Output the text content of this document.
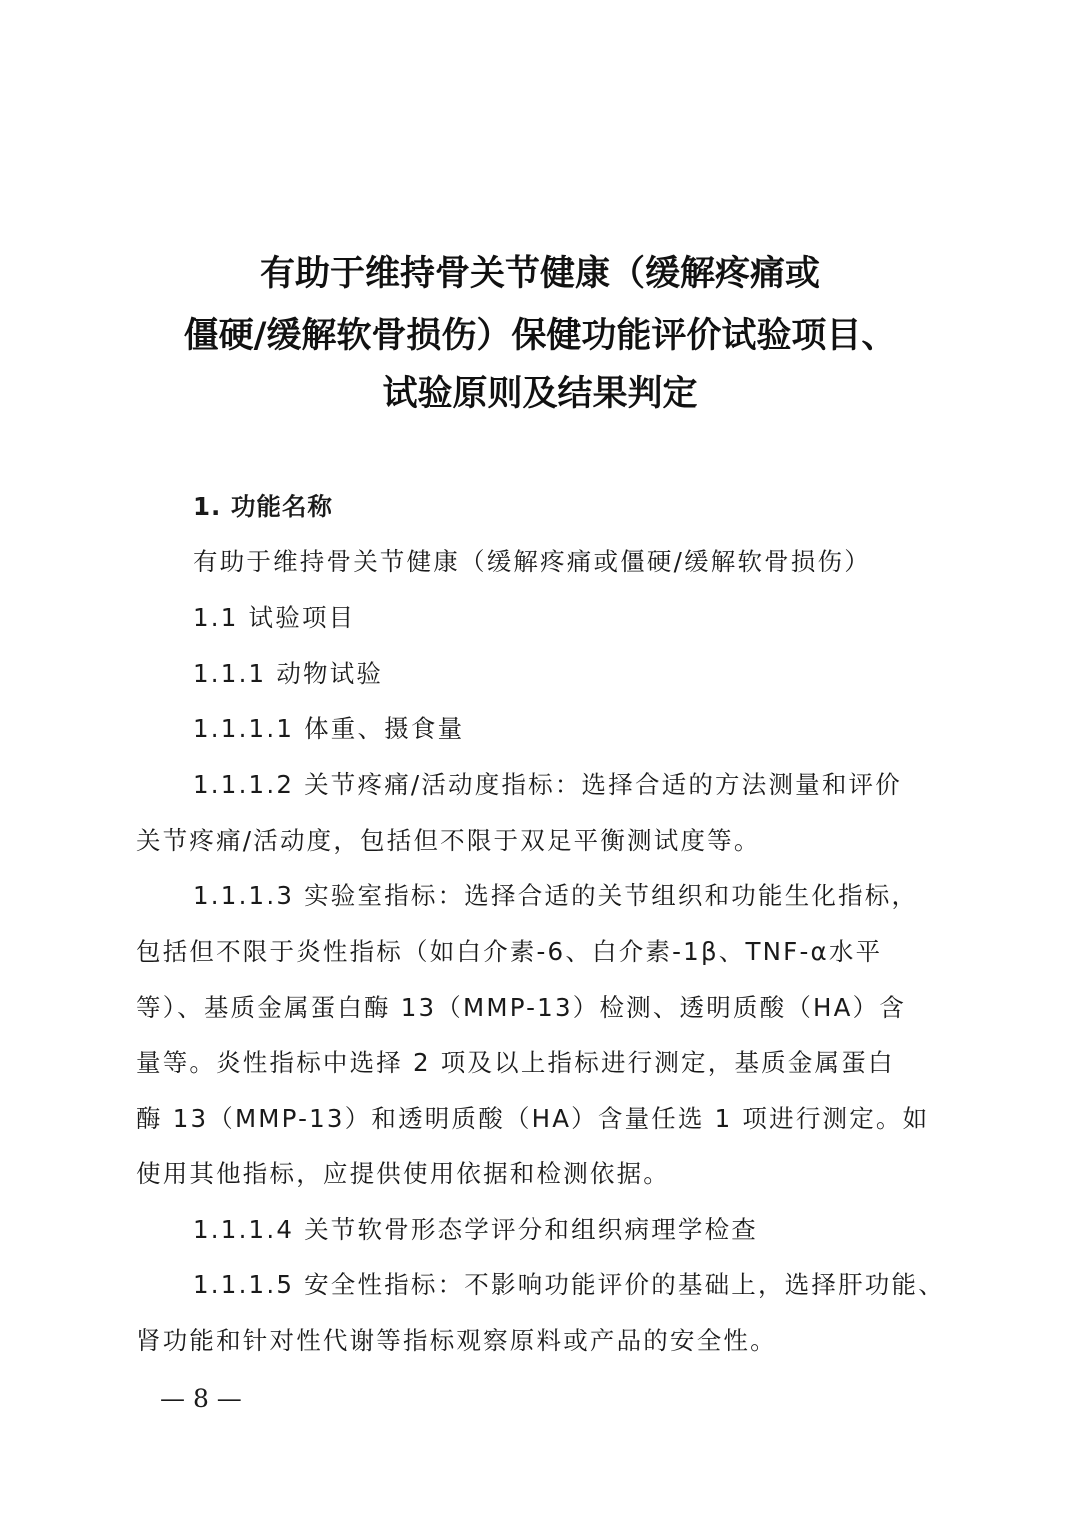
有助于维持骨关节健康（缓解疼痛或
僵硬/缓解软骨损伤）保健功能评价试验项目、
试验原则及结果判定
1. 功能名称
有助于维持骨关节健康（缓解疼痛或僵硬/缓解软骨损伤）
1.1 试验项目
1.1.1 动物试验
1.1.1.1 体重、摄食量
1.1.1.2 关节疼痛/活动度指标：选择合适的方法测量和评价
关节疼痛/活动度，包括但不限于双足平衡测试度等。
1.1.1.3 实验室指标：选择合适的关节组织和功能生化指标，
包括但不限于炎性指标（如白介素-6、白介素-1β、TNF-α水平
等）、基质金属蛋白酶 13（MMP-13）检测、透明质酸（HA）含
量等。炎性指标中选择 2 项及以上指标进行测定，基质金属蛋白
酶 13（MMP-13）和透明质酸（HA）含量任选 1 项进行测定。如
使用其他指标，应提供使用依据和检测依据。
1.1.1.4 关节软骨形态学评分和组织病理学检查
1.1.1.5 安全性指标：不影响功能评价的基础上，选择肝功能、
肾功能和针对性代谢等指标观察原料或产品的安全性。
— 8 —
